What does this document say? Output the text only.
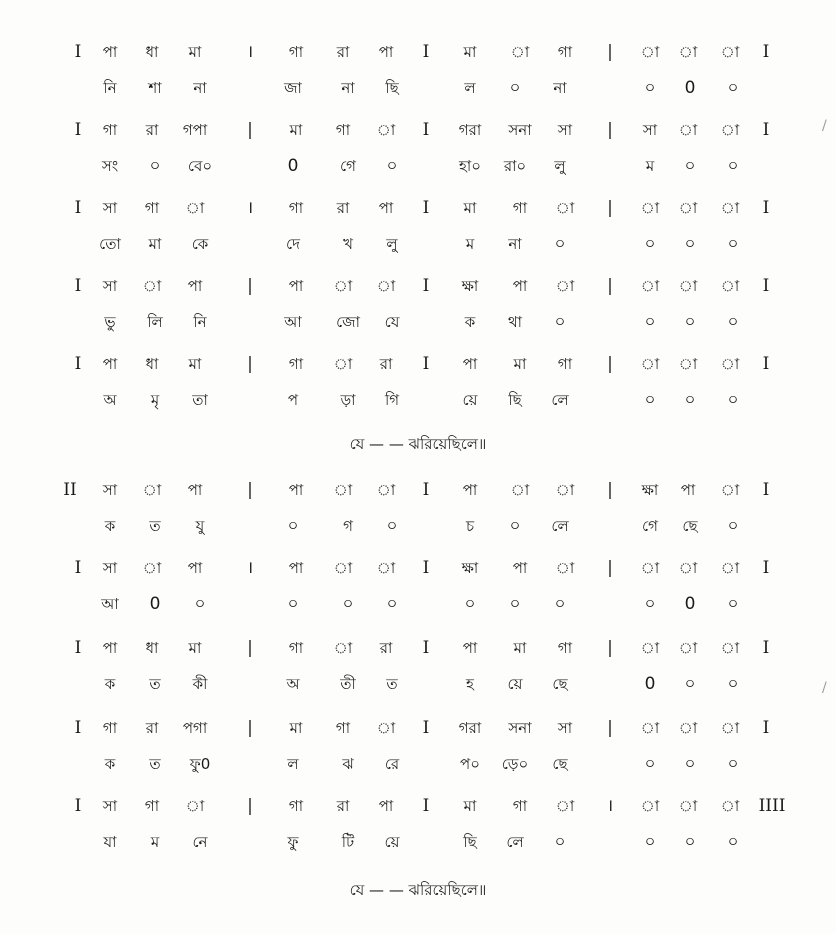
I পা ধা মা	। গা রা পা I মা া গা | া া া I
নি শা না	জা	না ছি	ল ০ না	০ 0 ০
I গা রা গপা | মা গা া I গরা সনা সা | সা া া I
সং ০ বে০	0	গে ০	হা০ রা০ লু	ম ০ ০
I সা গা া	। গা রা পা I মা গা া | া া া I
তো মা কে	দে	খ লু	ম না ০	০ ০ ০
I সা া পা	| পা া া I ক্ষা পা া | া া া I
ভু লি নি	আ জো যে	ক থা ০	০ ০ ০
I পা ধা মা	| গা া রা I পা মা গা | া া া I
অ মৃ তা	প	ড়া গি	য়ে ছি লে	০ ০ ০
II সা া পা	| পা া া I পা া া | ক্ষা পা া I
ক ত যু	০	গ ০	চ ০ লে	গে ছে ০
I সা া পা	। পা া া I ক্ষা পা া | া া া I
আ 0 ০	০	০ ০	০ ০ ০	০ 0 ০
I পা ধা মা	| গা া রা I পা মা গা | া া া I
ক ত কী	অ	তী ত	হ য়ে ছে	0 ০ ০
I গা রা পগা | মা গা া I গরা সনা সা | া া া I
ক ত ফু0	ল	ঝ রে	প০ ড়ে০ ছে	০ ০ ০
I সা গা া	| গা রা পা I মা গা া । া া া IIII
যা ম নে	ফু	টি য়ে	ছি লে ০	০ ০ ০
যে — — ঝরিয়েছিলে॥
যে — — ঝরিয়েছিলে॥
/
/
